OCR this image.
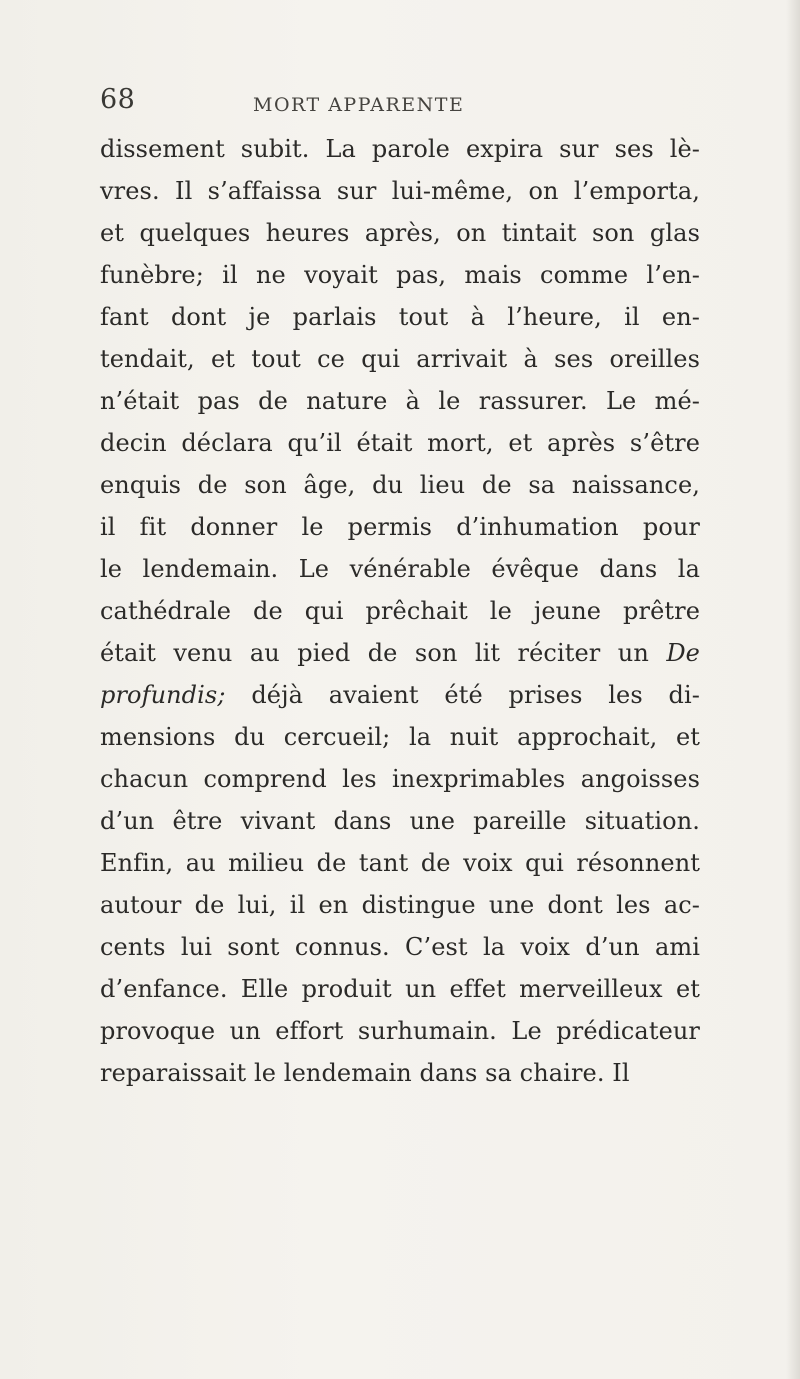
68	MORT APPARENTE
dissement subit. La parole expira sur ses lè-
vres. Il s’affaissa sur lui-même, on l’emporta,
et quelques heures après, on tintait son glas
funèbre; il ne voyait pas, mais comme l’en-
fant dont je parlais tout à l’heure, il en-
tendait, et tout ce qui arrivait à ses oreilles
n’était pas de nature à le rassurer. Le mé-
decin déclara qu’il était mort, et après s’être
enquis de son âge, du lieu de sa naissance,
il fit donner le permis d’inhumation pour
le lendemain. Le vénérable évêque dans la
cathédrale de qui prêchait le jeune prêtre
était venu au pied de son lit réciter un De
profundis; déjà avaient été prises les di-
mensions du cercueil; la nuit approchait, et
chacun comprend les inexprimables angoisses
d’un être vivant dans une pareille situation.
Enfin, au milieu de tant de voix qui résonnent
autour de lui, il en distingue une dont les ac-
cents lui sont connus. C’est la voix d’un ami
d’enfance. Elle produit un effet merveilleux et
provoque un effort surhumain. Le prédicateur
reparaissait le lendemain dans sa chaire. Il
